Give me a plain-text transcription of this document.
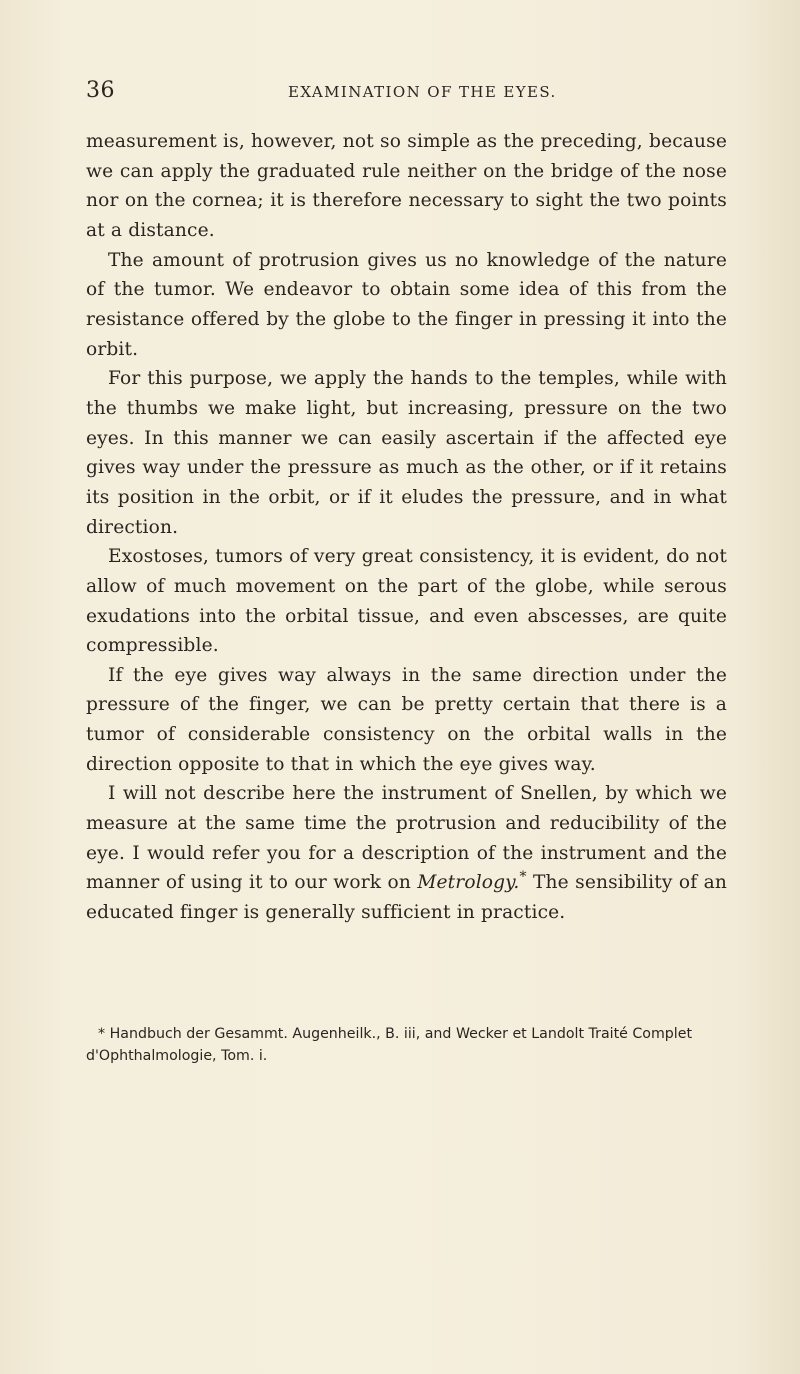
36	EXAMINATION OF THE EYES.

measurement is, however, not so simple as the preceding, because we can apply the graduated rule neither on the bridge of the nose nor on the cornea; it is therefore necessary to sight the two points at a distance.

The amount of protrusion gives us no knowledge of the nature of the tumor. We endeavor to obtain some idea of this from the resistance offered by the globe to the finger in pressing it into the orbit.

For this purpose, we apply the hands to the temples, while with the thumbs we make light, but increasing, pressure on the two eyes. In this manner we can easily ascertain if the affected eye gives way under the pressure as much as the other, or if it retains its position in the orbit, or if it eludes the pressure, and in what direction.

Exostoses, tumors of very great consistency, it is evident, do not allow of much movement on the part of the globe, while serous exudations into the orbital tissue, and even abscesses, are quite compressible.

If the eye gives way always in the same direction under the pressure of the finger, we can be pretty certain that there is a tumor of considerable consistency on the orbital walls in the direction opposite to that in which the eye gives way.

I will not describe here the instrument of Snellen, by which we measure at the same time the protrusion and reducibility of the eye. I would refer you for a description of the instrument and the manner of using it to our work on Metrology.* The sensibility of an educated finger is generally sufficient in practice.

* Handbuch der Gesammt. Augenheilk., B. iii, and Wecker et Landolt Traité Complet d'Ophthalmologie, Tom. i.
